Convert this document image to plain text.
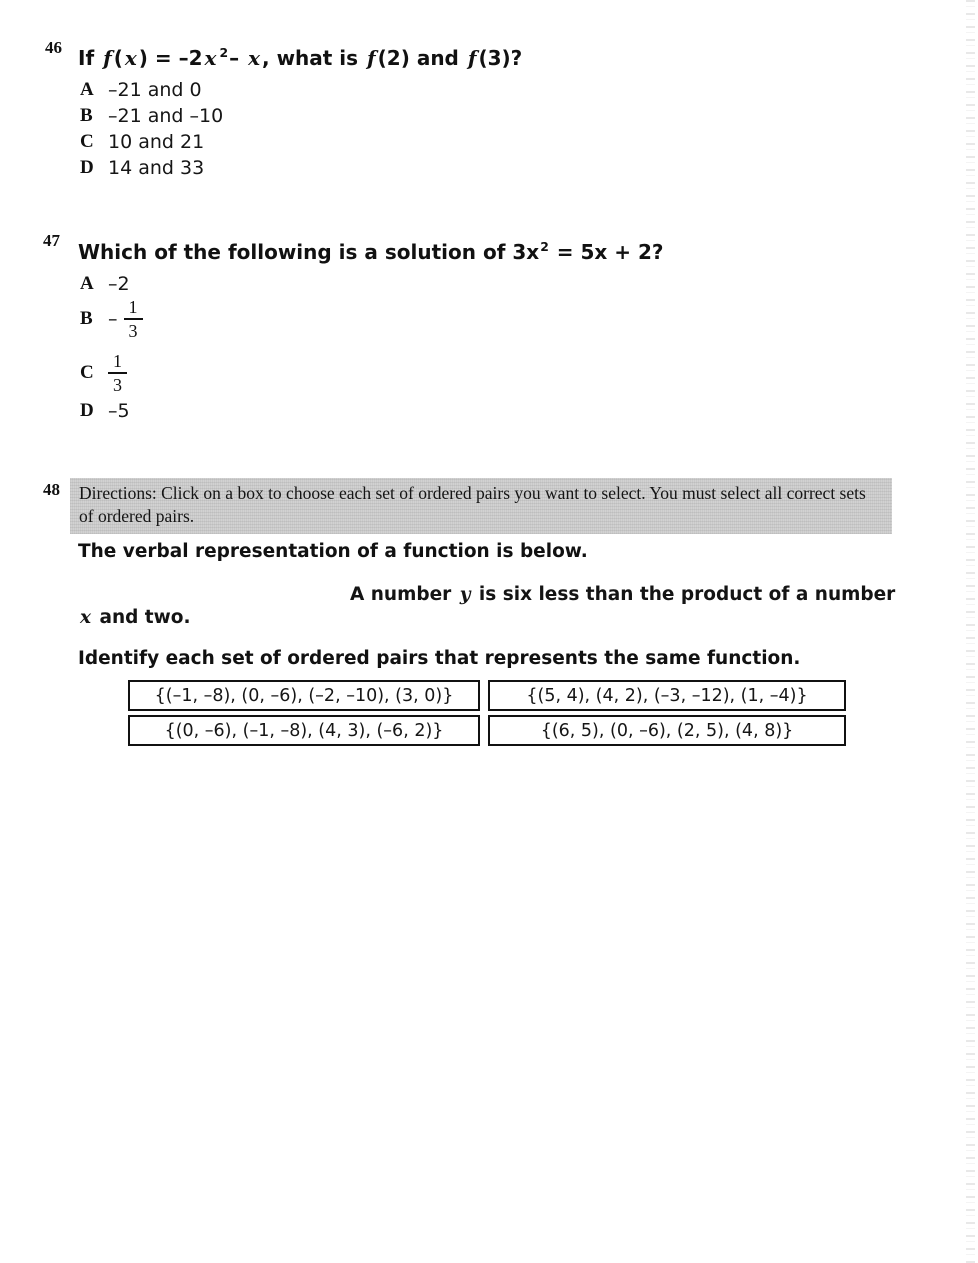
46 If f ( x ) = –2 x $^2$– x , what is f (2) and f (3)?
A –21 and 0
B –21 and –10
C 10 and 21
D 14 and 33
47 Which of the following is a solution of $3x^2 = 5x + 2$?
A –2
B – $\frac{1}{3}$
C $\frac{1}{3}$
D –5
48	Directions: Click on a box to choose each set of ordered pairs you want to select. You must select all correct sets of ordered pairs.
The verbal representation of a function is below.
A number y is six less than the product of a number
x and two.
Identify each set of ordered pairs that represents the same function.
{(–1, –8), (0, –6), (–2, –10), (3, 0)}	{(5, 4), (4, 2), (–3, –12), (1, –4)}
{(0, –6), (–1, –8), (4, 3), (–6, 2)}	{(6, 5), (0, –6), (2, 5), (4, 8)}
